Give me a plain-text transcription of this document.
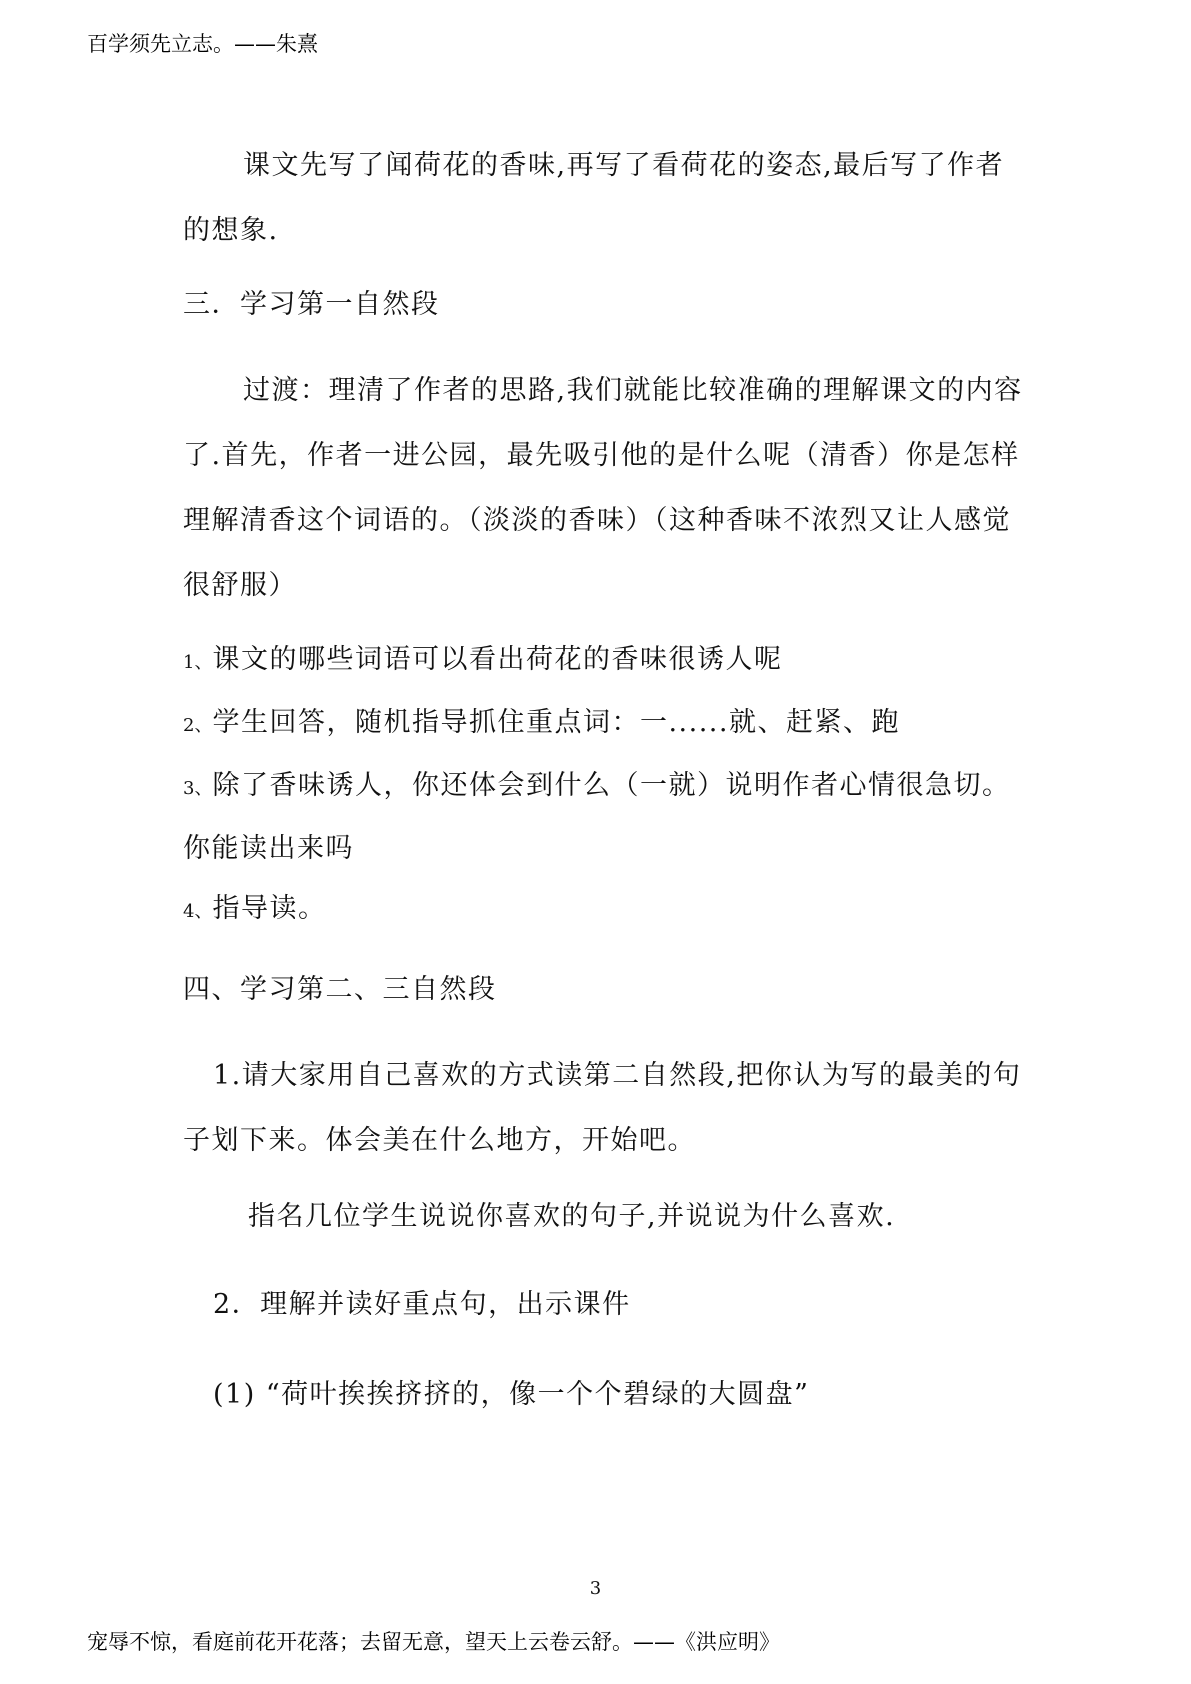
百学须先立志。——朱熹

课文先写了闻荷花的香味,再写了看荷花的姿态,最后写了作者的想象.

三．学习第一自然段

过渡：理清了作者的思路,我们就能比较准确的理解课文的内容了.首先，作者一进公园，最先吸引他的是什么呢（清香）你是怎样理解清香这个词语的。（淡淡的香味）（这种香味不浓烈又让人感觉很舒服）

1、课文的哪些词语可以看出荷花的香味很诱人呢

2、学生回答，随机指导抓住重点词：一......就、赶紧、跑

3、除了香味诱人，你还体会到什么（一就）说明作者心情很急切。你能读出来吗

4、指导读。

四、学习第二、三自然段

1.请大家用自己喜欢的方式读第二自然段,把你认为写的最美的句子划下来。体会美在什么地方，开始吧。

指名几位学生说说你喜欢的句子,并说说为什么喜欢.

2．理解并读好重点句，出示课件

(1) “荷叶挨挨挤挤的，像一个个碧绿的大圆盘”

3
宠辱不惊，看庭前花开花落；去留无意，望天上云卷云舒。——《洪应明》
